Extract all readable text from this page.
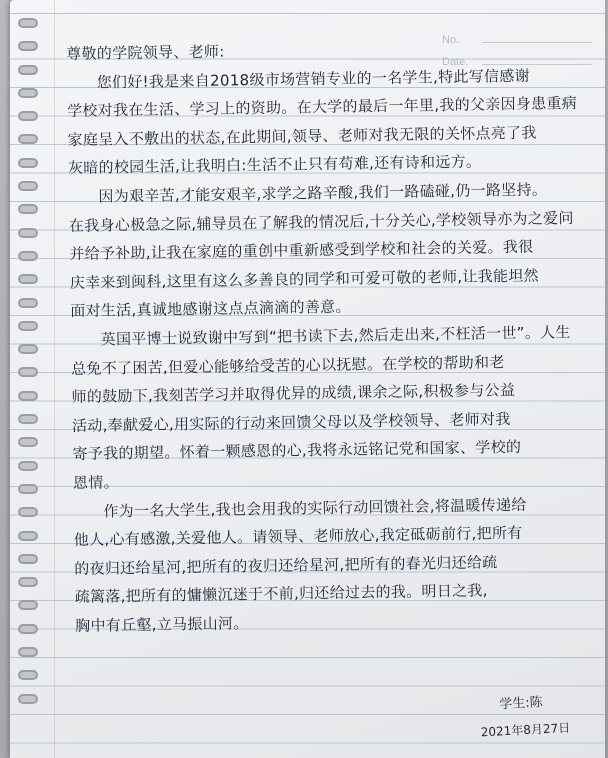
No.
Date.
尊敬的学院领导、老师:
您们好!我是来自2018级市场营销专业的一名学生,特此写信感谢
学校对我在生活、学习上的资助。在大学的最后一年里,我的父亲因身患重病
家庭呈入不敷出的状态,在此期间,领导、老师对我无限的关怀点亮了我
灰暗的校园生活,让我明白:生活不止只有苟难,还有诗和远方。
因为艰辛苦,才能安艰辛,求学之路辛酸,我们一路磕碰,仍一路坚持。
在我身心极急之际,辅导员在了解我的情况后,十分关心,学校领导亦为之爱问
并给予补助,让我在家庭的重创中重新感受到学校和社会的关爱。我很
庆幸来到闽科,这里有这么多善良的同学和可爱可敬的老师,让我能坦然
面对生活,真诚地感谢这点点滴滴的善意。
英国平博士说致谢中写到“把书读下去,然后走出来,不枉活一世”。人生
总免不了困苦,但爱心能够给受苦的心以抚慰。在学校的帮助和老
师的鼓励下,我刻苦学习并取得优异的成绩,课余之际,积极参与公益
活动,奉献爱心,用实际的行动来回馈父母以及学校领导、老师对我
寄予我的期望。怀着一颗感恩的心,我将永远铭记党和国家、学校的
恩情。
作为一名大学生,我也会用我的实际行动回馈社会,将温暖传递给
他人,心有感激,关爱他人。请领导、老师放心,我定砥砺前行,把所有
的夜归还给星河,把所有的夜归还给星河,把所有的春光归还给疏
疏篱落,把所有的慵懒沉迷于不前,归还给过去的我。明日之我,
胸中有丘壑,立马振山河。
学生:陈
2021年8月27日
